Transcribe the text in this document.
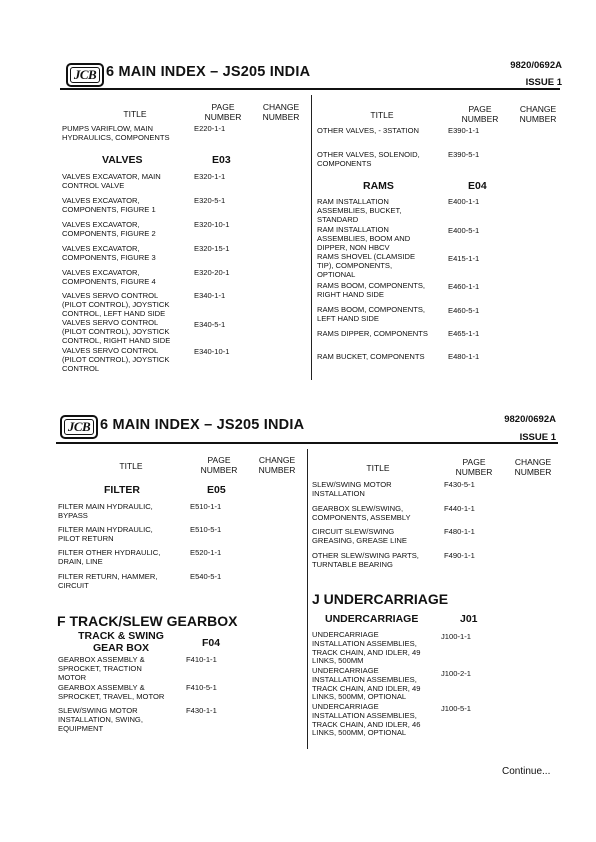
JCB 6 MAIN INDEX – JS205 INDIA	9820/0692A
ISSUE 1
TITLE
PAGE
NUMBER
CHANGE
NUMBER	TITLE
PAGE
NUMBER
CHANGE
NUMBER
PUMPS VARIFLOW, MAIN
HYDRAULICS, COMPONENTS
E220-1-1
VALVES	E03
VALVES EXCAVATOR, MAIN
CONTROL VALVE
E320-1-1
VALVES EXCAVATOR,
COMPONENTS, FIGURE 1
E320-5-1
VALVES EXCAVATOR,
COMPONENTS, FIGURE 2
E320-10-1
VALVES EXCAVATOR,
COMPONENTS, FIGURE 3
E320-15-1
VALVES EXCAVATOR,
COMPONENTS, FIGURE 4
E320-20-1
VALVES SERVO CONTROL
(PILOT CONTROL), JOYSTICK
CONTROL, LEFT HAND SIDE
E340-1-1
VALVES SERVO CONTROL
(PILOT CONTROL), JOYSTICK
CONTROL, RIGHT HAND SIDE
E340-5-1
VALVES SERVO CONTROL
(PILOT CONTROL), JOYSTICK
CONTROL
E340-10-1
OTHER VALVES, - 3STATION	E390-1-1
OTHER VALVES, SOLENOID,
COMPONENTS
E390-5-1
RAMS	E04
RAM INSTALLATION
ASSEMBLIES, BUCKET,
STANDARD
E400-1-1
RAM INSTALLATION
ASSEMBLIES, BOOM AND
DIPPER, NON HBCV
E400-5-1
RAMS SHOVEL (CLAMSIDE
TIP), COMPONENTS,
OPTIONAL
E415-1-1
RAMS BOOM, COMPONENTS,
RIGHT HAND SIDE
E460-1-1
RAMS BOOM, COMPONENTS,
LEFT HAND SIDE
E460-5-1
RAMS DIPPER, COMPONENTS	E465-1-1
RAM BUCKET, COMPONENTS	E480-1-1
JCB 6 MAIN INDEX – JS205 INDIA	9820/0692A
ISSUE 1
TITLE
PAGE
NUMBER
CHANGE
NUMBER	TITLE
PAGE
NUMBER
CHANGE
NUMBER
FILTER	E05
FILTER MAIN HYDRAULIC,
BYPASS
E510-1-1
FILTER MAIN HYDRAULIC,
PILOT RETURN
E510-5-1
FILTER OTHER HYDRAULIC,
DRAIN, LINE
E520-1-1
FILTER RETURN, HAMMER,
CIRCUIT
E540-5-1
F TRACK/SLEW GEARBOX
TRACK & SWING
GEAR BOX	F04
GEARBOX ASSEMBLY &
SPROCKET, TRACTION
MOTOR
F410-1-1
GEARBOX ASSEMBLY &
SPROCKET, TRAVEL, MOTOR
F410-5-1
SLEW/SWING MOTOR
INSTALLATION, SWING,
EQUIPMENT
F430-1-1
SLEW/SWING MOTOR
INSTALLATION
F430-5-1
GEARBOX SLEW/SWING,
COMPONENTS, ASSEMBLY
F440-1-1
CIRCUIT SLEW/SWING
GREASING, GREASE LINE
F480-1-1
OTHER SLEW/SWING PARTS,
TURNTABLE BEARING
F490-1-1
J UNDERCARRIAGE
UNDERCARRIAGE	J01
UNDERCARRIAGE
INSTALLATION ASSEMBLIES,
TRACK CHAIN, AND IDLER, 49
LINKS, 500MM
J100-1-1
UNDERCARRIAGE
INSTALLATION ASSEMBLIES,
TRACK CHAIN, AND IDLER, 49
LINKS, 500MM, OPTIONAL
J100-2-1
UNDERCARRIAGE
INSTALLATION ASSEMBLIES,
TRACK CHAIN, AND IDLER, 46
LINKS, 500MM, OPTIONAL
J100-5-1
Continue...
